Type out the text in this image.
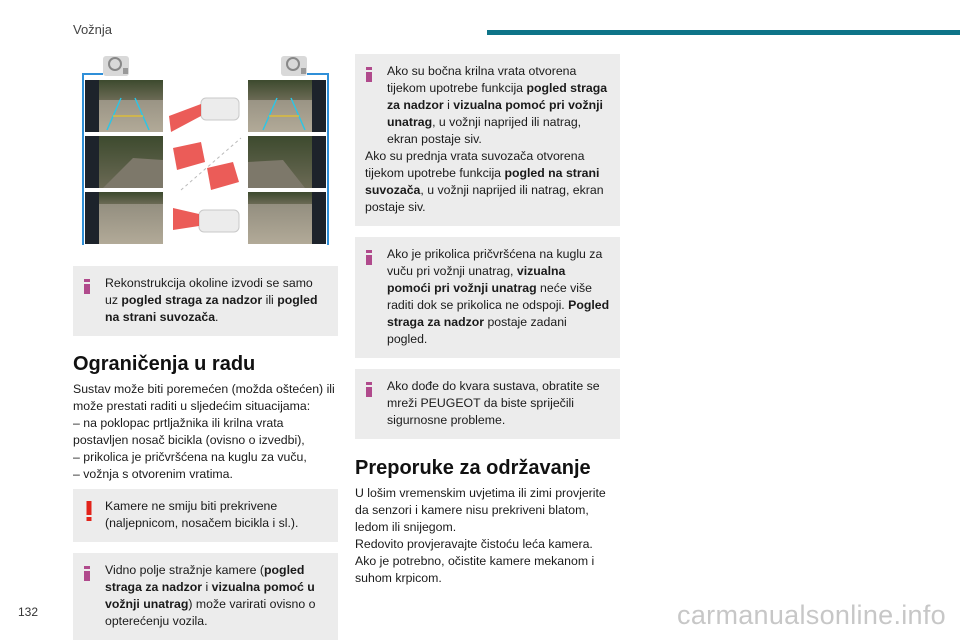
Vožnja

Rekonstrukcija okoline izvodi se samo uz pogled straga za nadzor ili pogled na strani suvozača.

Ograničenja u radu

Sustav može biti poremećen (možda oštećen) ili može prestati raditi u sljedećim situacijama:

– na poklopac prtljažnika ili krilna vrata postavljen nosač bicikla (ovisno o izvedbi),

– prikolica je pričvršćena na kuglu za vuču,

– vožnja s otvorenim vratima.

Kamere ne smiju biti prekrivene (naljepnicom, nosačem bicikla i sl.).

Vidno polje stražnje kamere (pogled straga za nadzor i vizualna pomoć u vožnji unatrag) može varirati ovisno o opterećenju vozila.

Ako su bočna krilna vrata otvorena tijekom upotrebe funkcija pogled straga za nadzor i vizualna pomoć pri vožnji unatrag, u vožnji naprijed ili natrag, ekran postaje siv.

Ako su prednja vrata suvozača otvorena tijekom upotrebe funkcija pogled na strani suvozača, u vožnji naprijed ili natrag, ekran postaje siv.

Ako je prikolica pričvršćena na kuglu za vuču pri vožnji unatrag, vizualna pomoći pri vožnji unatrag neće više raditi dok se prikolica ne odspoji. Pogled straga za nadzor postaje zadani pogled.

Ako dođe do kvara sustava, obratite se mreži PEUGEOT da biste spriječili sigurnosne probleme.

Preporuke za održavanje

U lošim vremenskim uvjetima ili zimi provjerite da senzori i kamere nisu prekriveni blatom, ledom ili snijegom.

Redovito provjeravajte čistoću leća kamera.

Ako je potrebno, očistite kamere mekanom i suhom krpicom.

132	carmanualsonline.info
